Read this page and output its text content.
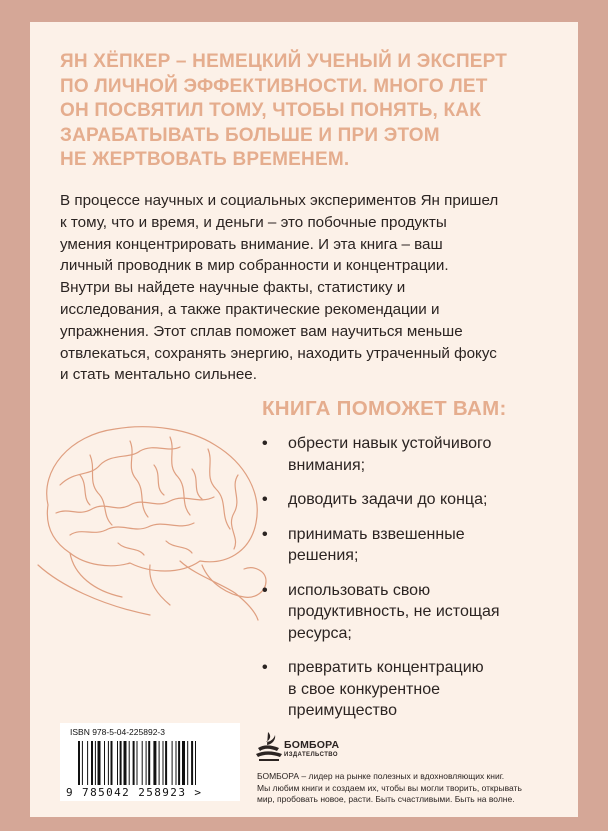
ЯН ХЁПКЕР – НЕМЕЦКИЙ УЧЕНЫЙ И ЭКСПЕРТ
ПО ЛИЧНОЙ ЭФФЕКТИВНОСТИ. МНОГО ЛЕТ
ОН ПОСВЯТИЛ ТОМУ, ЧТОБЫ ПОНЯТЬ, КАК
ЗАРАБАТЫВАТЬ БОЛЬШЕ И ПРИ ЭТОМ
НЕ ЖЕРТВОВАТЬ ВРЕМЕНЕМ.
В процессе научных и социальных экспериментов Ян пришел
к тому, что и время, и деньги – это побочные продукты
умения концентрировать внимание. И эта книга – ваш
личный проводник в мир собранности и концентрации.
Внутри вы найдете научные факты, статистику и
исследования, а также практические рекомендации и
упражнения. Этот сплав поможет вам научиться меньше
отвлекаться, сохранять энергию, находить утраченный фокус
и стать ментально сильнее.
КНИГА ПОМОЖЕТ ВАМ:
• обрести навык устойчивого
внимания;
• доводить задачи до конца;
• принимать взвешенные
решения;
• использовать свою
продуктивность, не истощая
ресурса;
• превратить концентрацию
в свое конкурентное
преимущество
ISBN 978-5-04-225892-3
9 785042 258923 >
БОМБОРА
ИЗДАТЕЛЬСТВО
БОМБОРА – лидер на рынке полезных и вдохновляющих книг.
Мы любим книги и создаем их, чтобы вы могли творить, открывать
мир, пробовать новое, расти. Быть счастливыми. Быть на волне.
